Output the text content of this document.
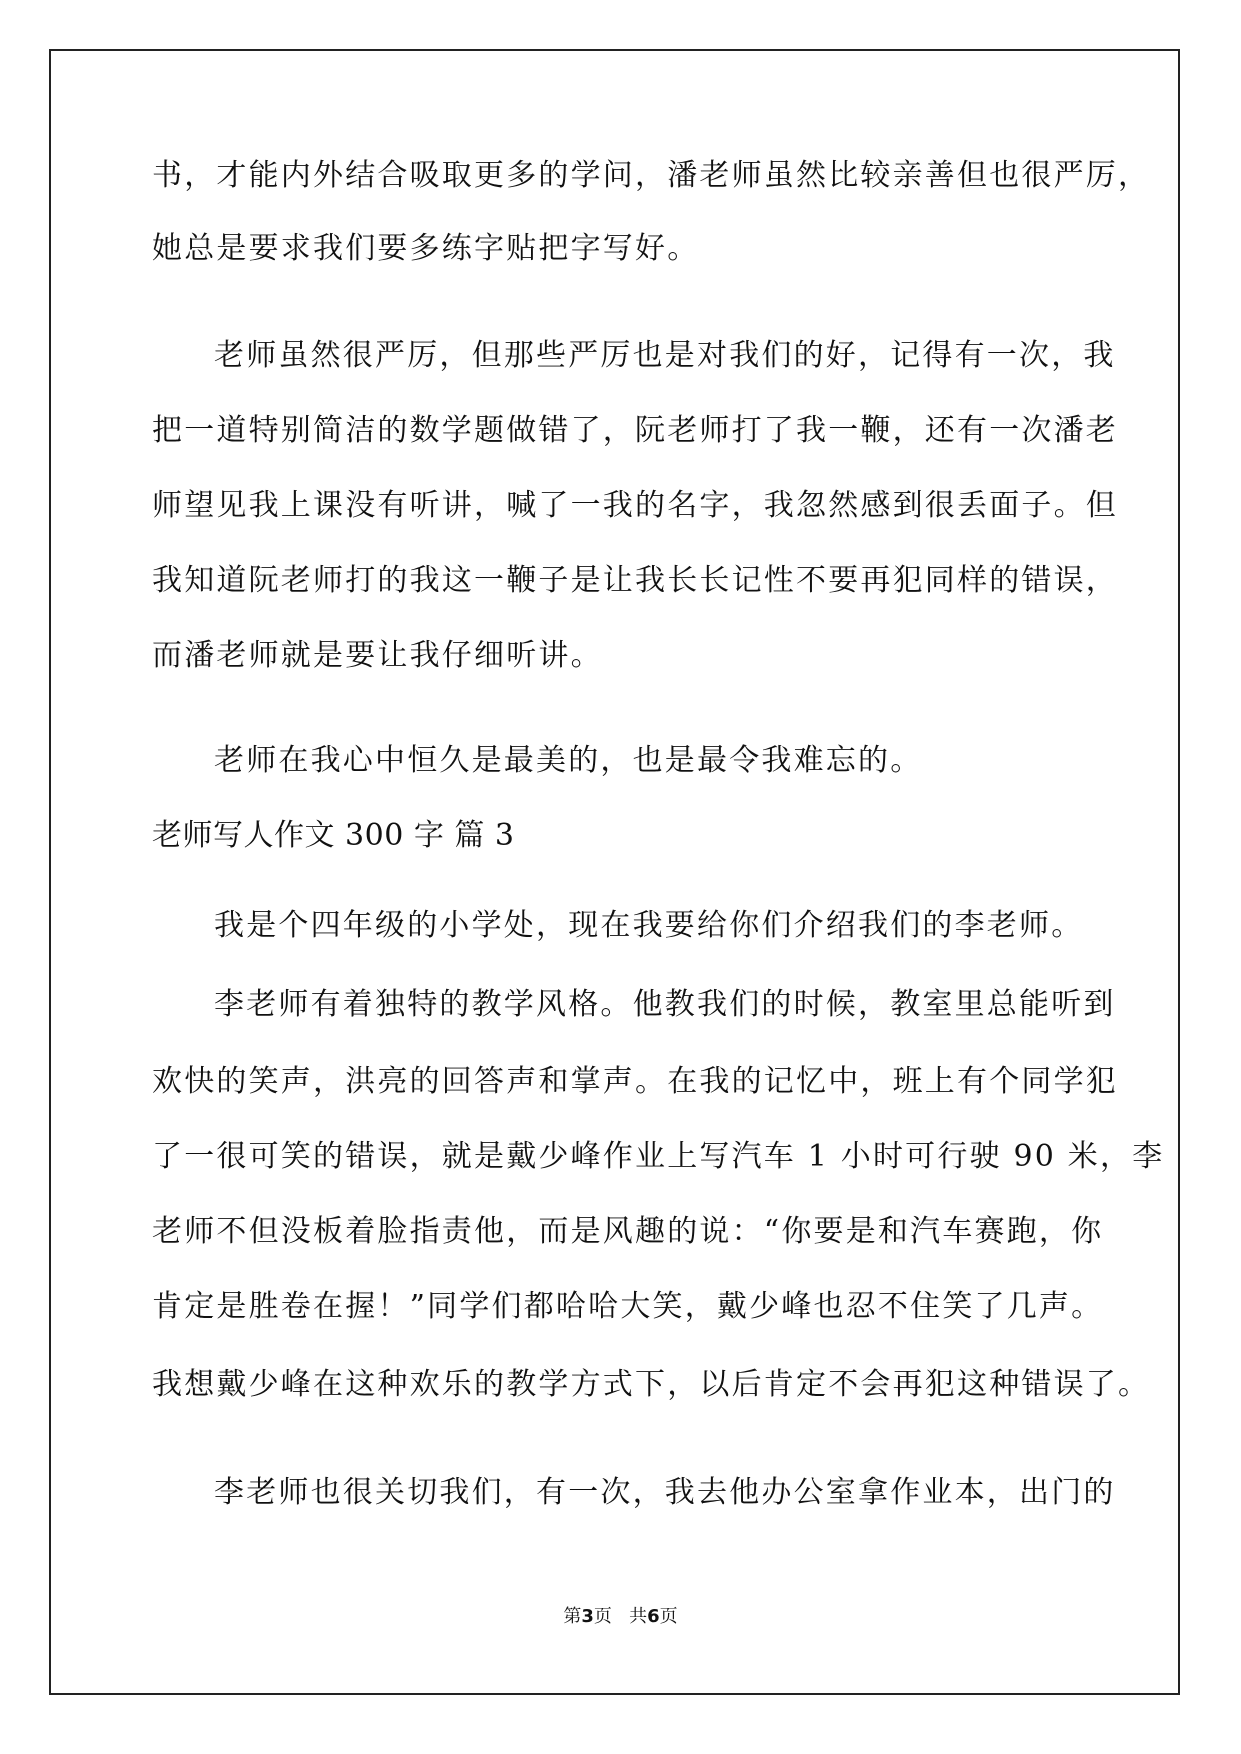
书，才能内外结合吸取更多的学问，潘老师虽然比较亲善但也很严厉，
她总是要求我们要多练字贴把字写好。
老师虽然很严厉，但那些严厉也是对我们的好，记得有一次，我
把一道特别简洁的数学题做错了，阮老师打了我一鞭，还有一次潘老
师望见我上课没有听讲，喊了一我的名字，我忽然感到很丢面子。但
我知道阮老师打的我这一鞭子是让我长长记性不要再犯同样的错误，
而潘老师就是要让我仔细听讲。
老师在我心中恒久是最美的，也是最令我难忘的。
老师写人作文 300 字 篇 3
我是个四年级的小学处，现在我要给你们介绍我们的李老师。
李老师有着独特的教学风格。他教我们的时候，教室里总能听到
欢快的笑声，洪亮的回答声和掌声。在我的记忆中，班上有个同学犯
了一很可笑的错误，就是戴少峰作业上写汽车 1 小时可行驶 90 米，李
老师不但没板着脸指责他，而是风趣的说：“你要是和汽车赛跑，你
肯定是胜卷在握！”同学们都哈哈大笑，戴少峰也忍不住笑了几声。
我想戴少峰在这种欢乐的教学方式下，以后肯定不会再犯这种错误了。
李老师也很关切我们，有一次，我去他办公室拿作业本，出门的
第3页   共6页
